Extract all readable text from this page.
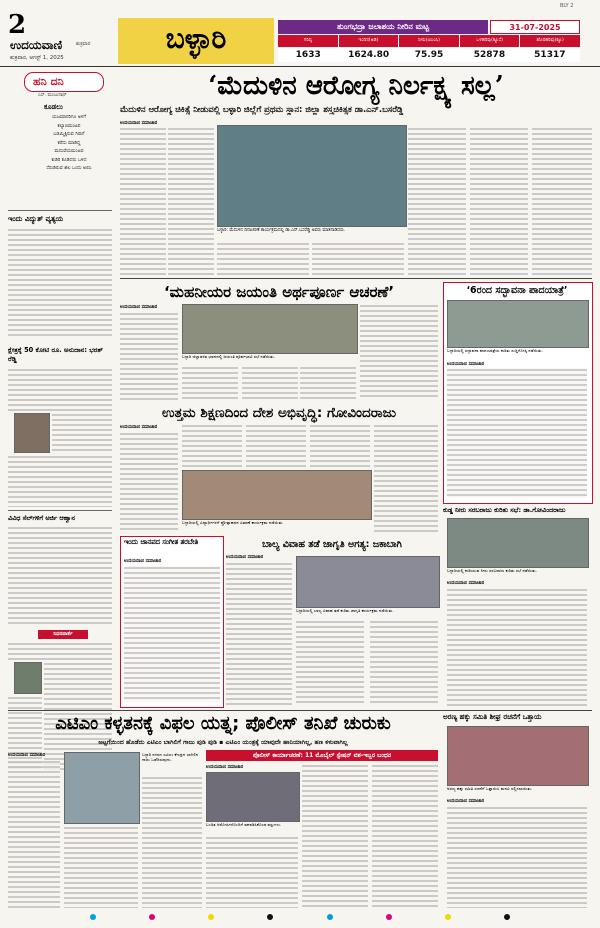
2
ಉದಯವಾಣಿ	ಶುಕ್ರವಾರ
ಶುಕ್ರವಾರ, ಆಗಸ್ಟ್ 1, 2025
ಬಳ್ಳಾರಿ
BLY 2
ತುಂಗಭದ್ರಾ ಜಲಾಶಯ ನೀರಿನ ಮಟ್ಟ	31-07-2025
ಗರಿಷ್ಠ	ಇಂದಿನ(ಅಡಿ)	ನೀರು(ಟಿಎಂಸಿ)	ಒಳಹರಿವು(ಕ್ಯೂಸೆ)	ಹೊರಹರಿವು(ಕ್ಯೂ)
1633	1624.80	75.95	52878	51317
ಹನಿ ದನಿ
ಎಸ್. ಮಂಜುನಾಥ್
ಕೂಡಲು
ಯಜಮಾನರಿಗೂ ಅಳಗೆ
ಕಲ್ಯಾಣಮಂಟಪ
ಬಡಮ್ಮಿಕ್ಕಿರುವ ಗಿರಾಗೆ
ಕರೆದು ಮಾಡಿದ್ದ
ಮದುವೆಯಮಂಟಪ
ಕುಡಿರಿ ಕೂಡಿದರು ಒಳಿದ
ಸೆರುಡಿರುವ ಖಿಲ ಒಂದು ಅಲಿಸಿ
ಇಂದು ವಿದ್ಯುತ್ ವ್ಯತ್ಯಯ
ಕ್ಷೇತ್ರಕ್ಕೆ 50 ಕೋಟಿ ರೂ. ಅನುದಾನ: ಭರತ್ ರೆಡ್ಡಿ
ವಿವಿಧ ಸೆಲ್‌ಗಳಿಗೆ ಅರ್ಜಿ ಆಹ್ವಾನ
ನಿಧನವಾರ್ತೆ
‘ಮೆದುಳಿನ ಆರೋಗ್ಯ ನಿರ್ಲಕ್ಷ್ಯ ಸಲ್ಲ’
ಮೆದುಳಿನ ಆರೋಗ್ಯ ಚಿಕಿತ್ಸೆ ನೀಡುವಲ್ಲಿ ಬಳ್ಳಾರಿ ಜಿಲ್ಲೆಗೆ ಪ್ರಥಮ ಸ್ಥಾನ: ಜಿಲ್ಲಾ ಶಸ್ತ್ರಚಿಕಿತ್ಸಕ ಡಾ.ಎನ್.ಬಸರೆಡ್ಡಿ
ಉದಯವಾಣಿ ಸಮಾಚಾರ
ಬಳ್ಳಾರಿ: ಮೆದುಳಿನ ದಿನಾಚರಣೆ ಕಾರ್ಯಕ್ರಮದಲ್ಲಿ ಡಾ.ಎನ್.ಬಸರೆಡ್ಡಿ ಅವರು ಮಾತನಾಡಿದರು.
‘ಮಹನೀಯರ ಜಯಂತಿ ಅರ್ಥಪೂರ್ಣ ಆಚರಣೆ’
ಉದಯವಾಣಿ ಸಮಾಚಾರ
ಬಳ್ಳಾರಿ ಜಿಲ್ಲಾಡಳಿತ ಭವನದಲ್ಲಿ ಜಯಂತಿ ಪೂರ್ವಭಾವಿ ಸಭೆ ನಡೆಯಿತು.
ಉತ್ತಮ ಶಿಕ್ಷಣದಿಂದ ದೇಶ ಅಭಿವೃದ್ಧಿ: ಗೋವಿಂದರಾಜು
ಉದಯವಾಣಿ ಸಮಾಚಾರ
ಬಳ್ಳಾರಿಯಲ್ಲಿ ವಿದ್ಯಾರ್ಥಿಗಳಿಗೆ ಪ್ರೋತ್ಸಾಹಧನ ವಿತರಣೆ ಕಾರ್ಯಕ್ರಮ ನಡೆಯಿತು.
‘6ರಂದ ಸದ್ಭಾವನಾ ಪಾದಯಾತ್ರೆ’
ಬಳ್ಳಾರಿಯಲ್ಲಿ ಸದ್ಭಾವನಾ ಪಾದಯಾತ್ರೆಯ ಕುರಿತು ಸುದ್ದಿಗೋಷ್ಠಿ ನಡೆಯಿತು.
ಉದಯವಾಣಿ ಸಮಾಚಾರ
ಕುಡ್ಡ ನೀರು ಸರಬರಾಜು ಕುರಿತು ಸಭೆ: ಡಾ.ಗೋವಿಂದರಾಜು
ಬಳ್ಳಾರಿಯಲ್ಲಿ ಕುಡಿಯುವ ನೀರು ಸರಬರಾಜು ಕುರಿತು ಸಭೆ ನಡೆಯಿತು.
ಉದಯವಾಣಿ ಸಮಾಚಾರ
ಇಂದು ಜಾನಪದ ಸಂಗೀತ ತರಬೇತಿ
ಉದಯವಾಣಿ ಸಮಾಚಾರ
ಬಾಲ್ಯ ವಿವಾಹ ತಡೆ ಜಾಗೃತಿ ಅಗತ್ಯ: ಜಕಾಬಾಗಿ
ಉದಯವಾಣಿ ಸಮಾಚಾರ
ಬಳ್ಳಾರಿಯಲ್ಲಿ ಬಾಲ್ಯ ವಿವಾಹ ತಡೆ ಕುರಿತು ಜಾಗೃತಿ ಕಾರ್ಯಕ್ರಮ ನಡೆಯಿತು.
ಎಟಿಎಂ ಕಳ್ಳತನಕ್ಕೆ ವಿಫಲ ಯತ್ನ; ಪೊಲೀಸ್ ತನಿಖೆ ಚುರುಕು
ಅಟ್ಟಗೆಯಿಂದ ಹೊಡೆದು ಎಟಿಎಂ ಬಾಗಿಲಿಗೆ ಗಾಜು ಪುಡಿ ಪುಡಿ ▪ ಎಟಿಎಂ ಯಂತ್ರಕ್ಕೆ ಯಾವುದೇ ಹಾನಿಯಾಗಿಲ್ಲ, ಹಣ ಕಳುವಾಗಿಲ್ಲ
ಉದಯವಾಣಿ ಸಮಾಚಾರ	ಬಳ್ಳಾರಿ ನಗರದ ಎಟಿಎಂ ಕೇಂದ್ರದ ಬಾಗಿಲಿನ ಗಾಜು ಒಡೆದಿರುವುದು.
ಪೊಲೀಸ್ ಕಾರ್ಯಾಚರಣೆ: 11 ಮೊಬೈಲ್ ಸ್ಟೇಷನ್ ವಶ-ಇಬ್ಬರ ಬಂಧನ
ಉದಯವಾಣಿ ಸಮಾಚಾರ
ಬಂಧಿತ ಆರೋಪಿಗಳೊಂದಿಗೆ ವಶಪಡಿಸಿಕೊಂಡ ವಸ್ತುಗಳು.
ಅರಣ್ಯ ಹಕ್ಕು ಸಮಿತಿ ಶೀಘ್ರ ರಚನೆಗೆ ಒತ್ತಾಯ
ಅರಣ್ಯ ಹಕ್ಕು ಸಮಿತಿ ರಚನೆಗೆ ಒತ್ತಾಯಿಸಿ ಮನವಿ ಸಲ್ಲಿಸಲಾಯಿತು.
ಉದಯವಾಣಿ ಸಮಾಚಾರ
